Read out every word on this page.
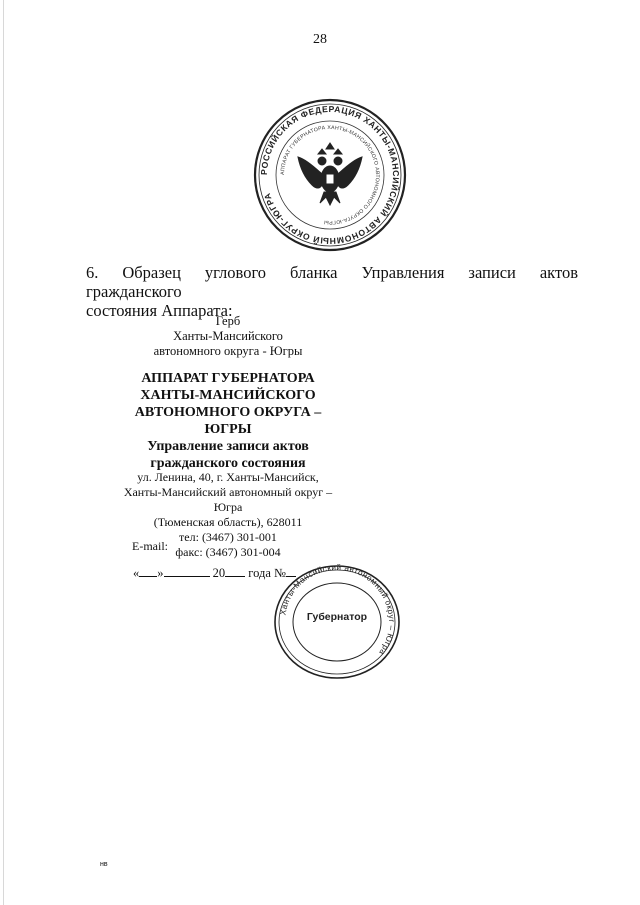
28
РОССИЙСКАЯ ФЕДЕРАЦИЯ ХАНТЫ-МАНСИЙСКИЙ АВТОНОМНЫЙ ОКРУГ-ЮГРА
АППАРАТ ГУБЕРНАТОРА ХАНТЫ-МАНСИЙСКОГО АВТОНОМНОГО ОКРУГА-ЮГРЫ
6. Образец углового бланка Управления записи актов гражданского
состояния Аппарата:
Герб
Ханты-Мансийского
автономного округа - Югры
АППАРАТ ГУБЕРНАТОРА
ХАНТЫ-МАНСИЙСКОГО
АВТОНОМНОГО ОКРУГА – ЮГРЫ
Управление записи актов
гражданского состояния
ул. Ленина, 40, г. Ханты-Мансийск,
Ханты-Мансийский автономный округ – Югра
(Тюменская область), 628011
тел: (3467) 301-001
факс: (3467) 301-004
E-mail:
« »	20 года №
Ханты-Мансийский автономный округ – Югра
Губернатор
нв
